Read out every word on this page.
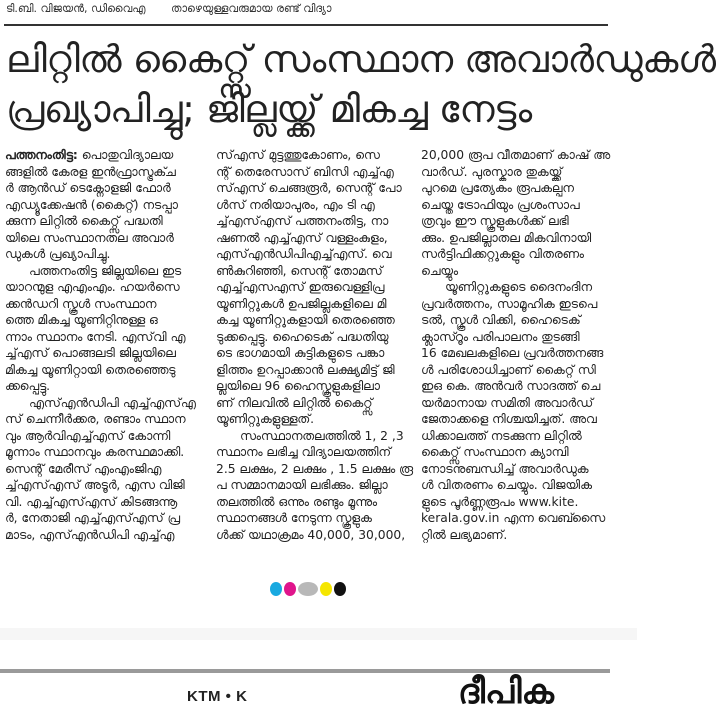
ടി.ബി. വിജയൻ, ഡിവൈഎ താഴെയുള്ളവരുമായ രണ്ട് വിദ്യാ
ലിറ്റിൽ കൈറ്റ്സ് സംസ്ഥാന അവാർഡുകൾ
പ്രഖ്യാപിച്ചു; ജില്ലയ്ക്ക് മികച്ച നേട്ടം
പത്തനംതിട്ട: പൊതുവിദ്യാലയ
ങ്ങളിൽ കേരള ഇൻഫ്രാസ്ട്രക്ച
ർ ആൻഡ് ടെക്നോളജി ഫോർ
എഡ്യൂക്കേഷൻ (കൈറ്റ്) നടപ്പാ
ക്കുന്ന ലിറ്റിൽ കൈറ്റ്സ് പദ്ധതി
യിലെ സംസ്ഥാനതല അവാർ
ഡുകൾ പ്രഖ്യാപിച്ചു.
പത്തനംതിട്ട ജില്ലയിലെ ഇട
യാറന്മുള എഎംഎം. ഹയർസെ
ക്കൻഡറി സ്കൂൾ സംസ്ഥാന
ത്തെ മികച്ച യൂണിറ്റിനുള്ള ഒ
ന്നാം സ്ഥാനം നേടി. എസ്‌വി എ
ച്ച്എസ് പൊങ്ങലടി ജില്ലയിലെ
മികച്ച യൂണിറ്റായി തെരഞ്ഞെടു
ക്കപ്പെട്ടു.
എസ്എൻഡിപി എച്ച്എസ്എ
സ് ചെന്നീർക്കര, രണ്ടാം സ്ഥാന
വും ആർവിഎച്ച്എസ് കോന്നി
മൂന്നാം സ്ഥാനവും കരസ്ഥമാക്കി.
സെന്റ് മേരീസ് എംഎംജിഎ
ച്ച്എസ്എസ് അടൂർ, എസ വിജി
വി. എച്ച്എസ്എസ് കിടങ്ങന്നൂ
ർ, നേതാജി എച്ച്എസ്എസ് പ്ര
മാടം, എസ്എൻഡിപി എച്ച്എ
സ്എസ് മുട്ടത്തുകോണം, സെ
ന്റ് തെരേസാസ് ബിസി എച്ച്എ
സ്എസ് ചെങ്ങരൂർ, സെന്റ് പോ
ൾസ് നരിയാപുരം, എം ടി എ
ച്ച്എസ്എസ് പത്തനംതിട്ട, നാ
ഷണൽ എച്ച്എസ് വള്ളംകുളം,
എസ്എൻഡിപിഎച്ച്എസ്. വെ
ൺകുറിഞ്ഞി, സെന്റ് തോമസ്
എച്ച്എസഎസ് ഇരുവെള്ളിപ്ര
യൂണിറ്റുകൾ ഉപജില്ലകളിലെ മി
കച്ച യൂണിറ്റുകളായി തെരഞ്ഞെ
ടുക്കപ്പെട്ടു. ഹൈടെക് പദ്ധതിയു
ടെ ഭാഗമായി കുട്ടികളുടെ പങ്കാ
ളിത്തം ഉറപ്പാക്കാൻ ലക്ഷ്യമിട്ട് ജി
ല്ലയിലെ 96 ഹൈസ്കൂളുകളിലാ
ണ് നിലവിൽ ലിറ്റിൽ കൈറ്റ്സ്
യൂണിറ്റുകളുള്ളത്.
സംസ്ഥാനതലത്തിൽ 1, 2 ,3
സ്ഥാനം ലഭിച്ച വിദ്യാലയത്തിന്
2.5 ലക്ഷം, 2 ലക്ഷം , 1.5 ലക്ഷം രൂ
പ സമ്മാനമായി ലഭിക്കും. ജില്ലാ
തലത്തിൽ ഒന്നും രണ്ടും മൂന്നും
സ്ഥാനങ്ങൾ നേടുന്ന സ്കൂളുക
ൾക്ക് യഥാക്രമം 40,000, 30,000,
20,000 രൂപ വീതമാണ് കാഷ് അ
വാർഡ്. പുരസ്കാര തുകയ്ക്ക്
പുറമെ പ്രത്യേകം രൂപകല്പന
ചെയ്ത ട്രോഫിയും പ്രശംസാപ
ത്രവും ഈ സ്കൂളുകൾക്ക് ലഭി
ക്കും. ഉപജില്ലാതല മികവിനായി
സർട്ടിഫിക്കറ്റുകളും വിതരണം
ചെയ്യും
യൂണിറ്റുകളുടെ ദൈനംദിന
പ്രവർത്തനം, സാമൂഹിക ഇടപെ
ടൽ, സ്കൂൾ വിക്കി, ഹൈടെക്
ക്ലാസ്റൂം പരിപാലനം തുടങ്ങി
16 മേഖലകളിലെ പ്രവർത്തനങ്ങ
ൾ പരിശോധിച്ചാണ് കൈറ്റ് സി
ഇഒ കെ. അൻവർ സാദത്ത് ചെ
യർമാനായ സമിതി അവാർഡ്
ജേതാക്കളെ നിശ്ചയിച്ചത്. അവ
ധിക്കാലത്ത് നടക്കുന്ന ലിറ്റിൽ
കൈറ്റ്സ് സംസ്ഥാന ക്യാമ്പി
നോടനുബന്ധിച്ച് അവാർഡുക
ൾ വിതരണം ചെയ്യും. വിജയിക
ളുടെ പൂർണ്ണരൂപം www.kite.
kerala.gov.in എന്ന വെബ്സൈ
റ്റിൽ ലഭ്യമാണ്.
KTM • K	ദീപിക
